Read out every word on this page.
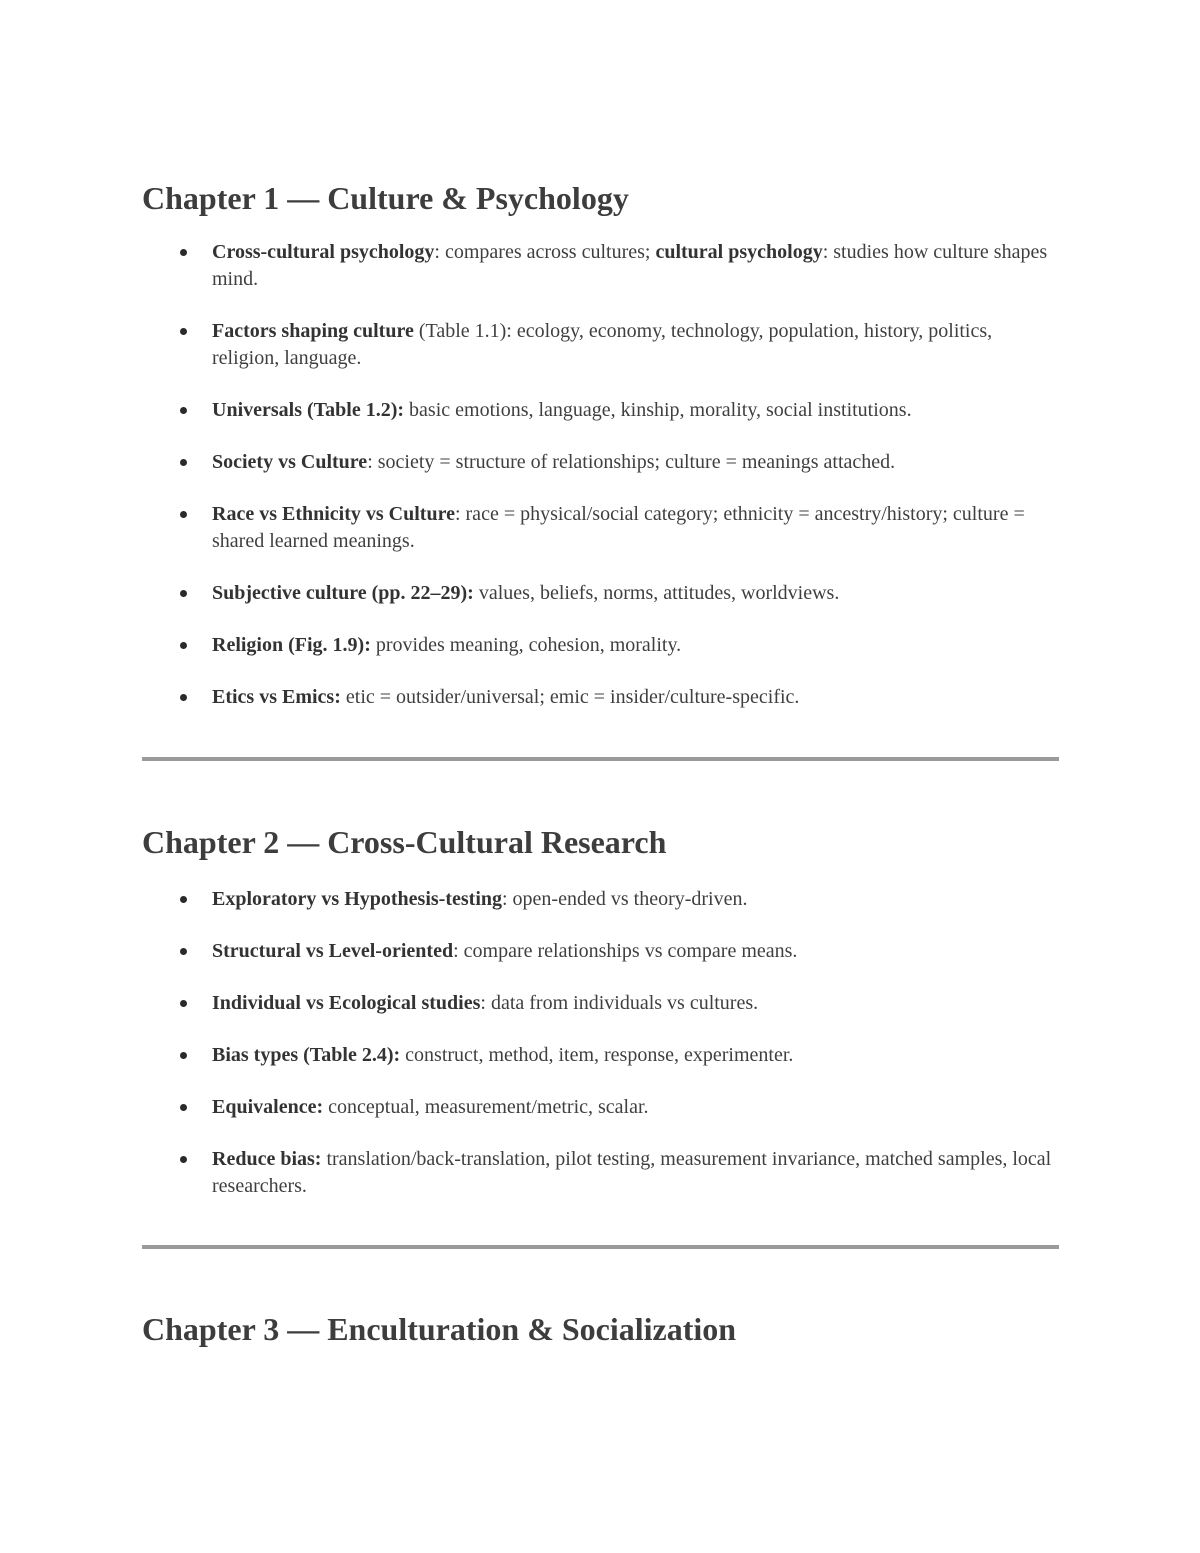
Chapter 1 — Culture & Psychology
Cross-cultural psychology: compares across cultures; cultural psychology: studies how culture shapes mind.
Factors shaping culture (Table 1.1): ecology, economy, technology, population, history, politics, religion, language.
Universals (Table 1.2): basic emotions, language, kinship, morality, social institutions.
Society vs Culture: society = structure of relationships; culture = meanings attached.
Race vs Ethnicity vs Culture: race = physical/social category; ethnicity = ancestry/history; culture = shared learned meanings.
Subjective culture (pp. 22–29): values, beliefs, norms, attitudes, worldviews.
Religion (Fig. 1.9): provides meaning, cohesion, morality.
Etics vs Emics: etic = outsider/universal; emic = insider/culture-specific.
Chapter 2 — Cross-Cultural Research
Exploratory vs Hypothesis-testing: open-ended vs theory-driven.
Structural vs Level-oriented: compare relationships vs compare means.
Individual vs Ecological studies: data from individuals vs cultures.
Bias types (Table 2.4): construct, method, item, response, experimenter.
Equivalence: conceptual, measurement/metric, scalar.
Reduce bias: translation/back-translation, pilot testing, measurement invariance, matched samples, local researchers.
Chapter 3 — Enculturation & Socialization
